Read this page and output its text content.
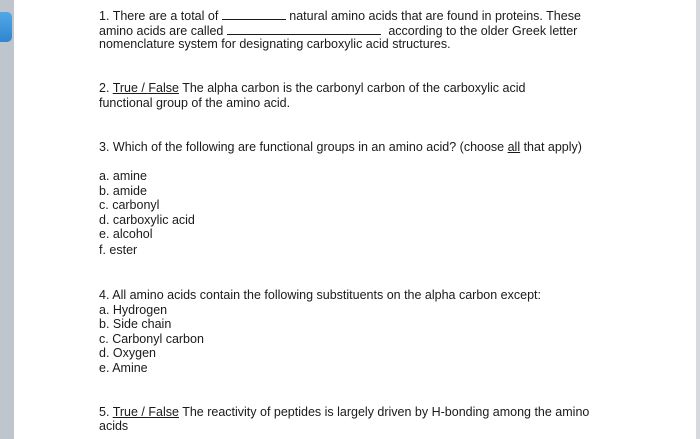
1. There are a total of	natural amino acids that are found in proteins. These
amino acids are called	according to the older Greek letter
nomenclature system for designating carboxylic acid structures.
2. True / False The alpha carbon is the carbonyl carbon of the carboxylic acid
functional group of the amino acid.
3. Which of the following are functional groups in an amino acid? (choose all that apply)
a. amine
b. amide
c. carbonyl
d. carboxylic acid
e. alcohol
f. ester
4. All amino acids contain the following substituents on the alpha carbon except:
a. Hydrogen
b. Side chain
c. Carbonyl carbon
d. Oxygen
e. Amine
5. True / False The reactivity of peptides is largely driven by H-bonding among the amino
acids
